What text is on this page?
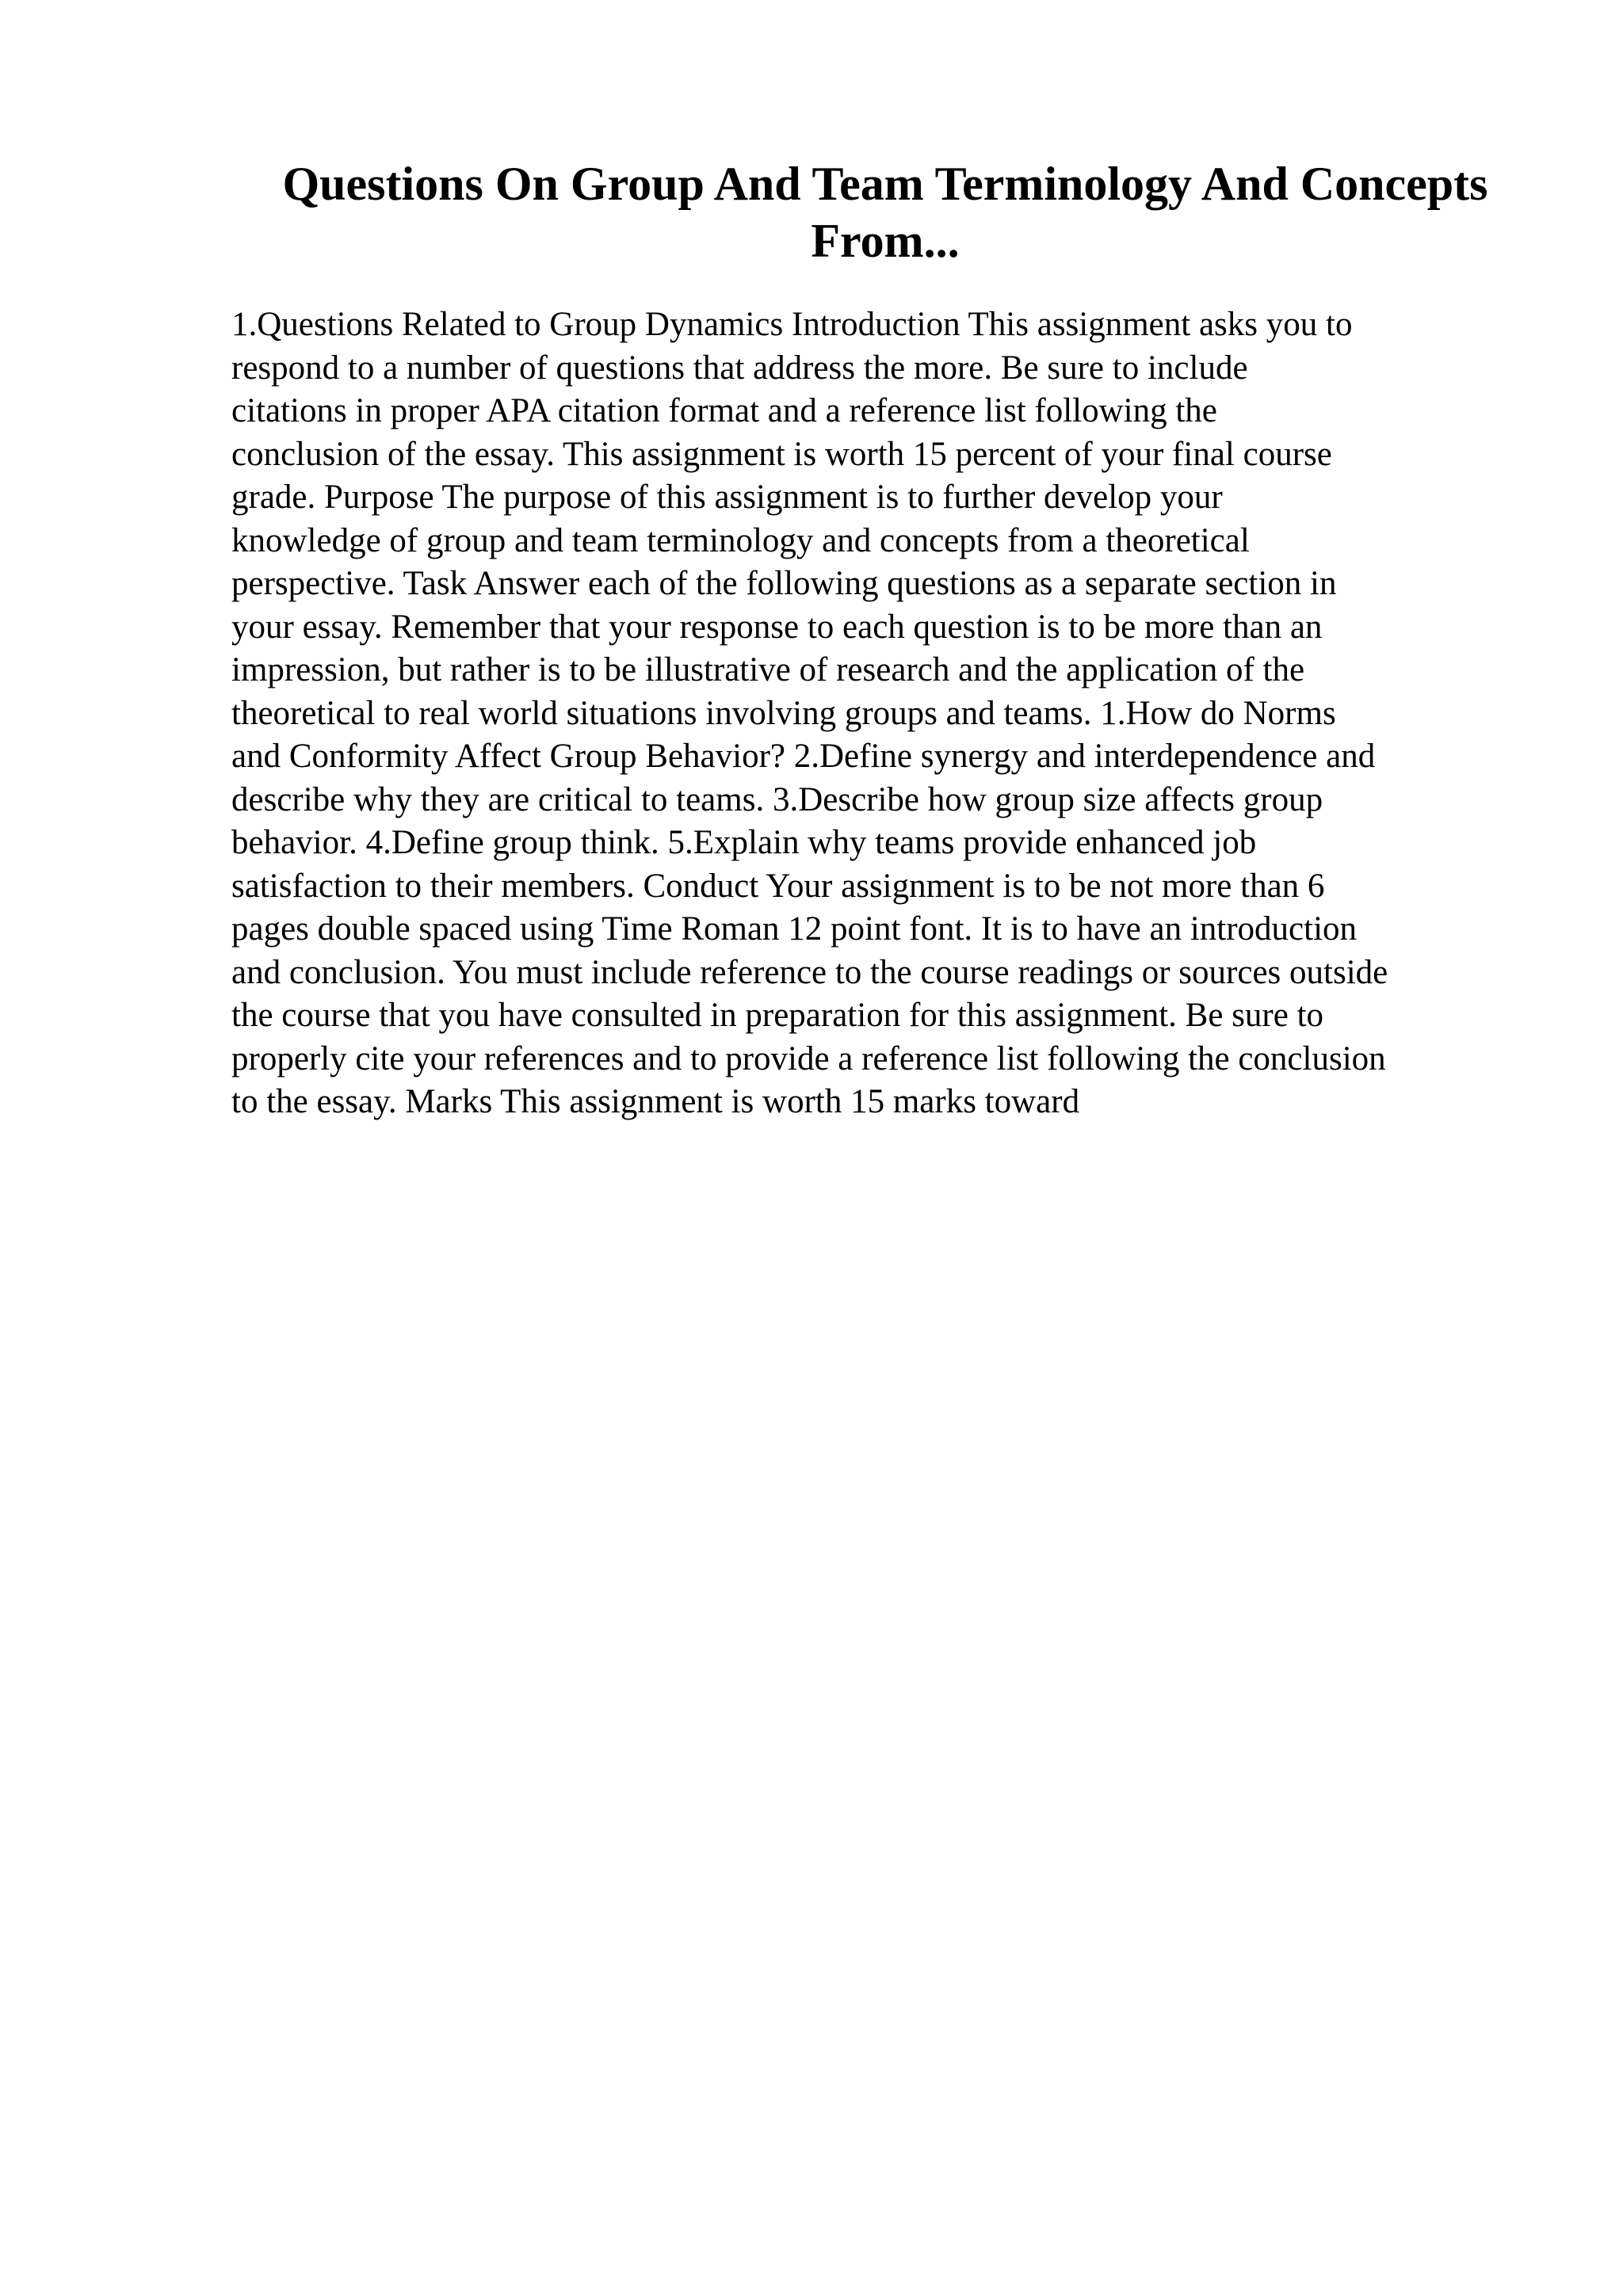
Questions On Group And Team Terminology And Concepts
From...
1.Questions Related to Group Dynamics Introduction This assignment asks you to
respond to a number of questions that address the more. Be sure to include
citations in proper APA citation format and a reference list following the
conclusion of the essay. This assignment is worth 15 percent of your final course
grade. Purpose The purpose of this assignment is to further develop your
knowledge of group and team terminology and concepts from a theoretical
perspective. Task Answer each of the following questions as a separate section in
your essay. Remember that your response to each question is to be more than an
impression, but rather is to be illustrative of research and the application of the
theoretical to real world situations involving groups and teams. 1.How do Norms
and Conformity Affect Group Behavior? 2.Define synergy and interdependence and
describe why they are critical to teams. 3.Describe how group size affects group
behavior. 4.Define group think. 5.Explain why teams provide enhanced job
satisfaction to their members. Conduct Your assignment is to be not more than 6
pages double spaced using Time Roman 12 point font. It is to have an introduction
and conclusion. You must include reference to the course readings or sources outside
the course that you have consulted in preparation for this assignment. Be sure to
properly cite your references and to provide a reference list following the conclusion
to the essay. Marks This assignment is worth 15 marks toward
